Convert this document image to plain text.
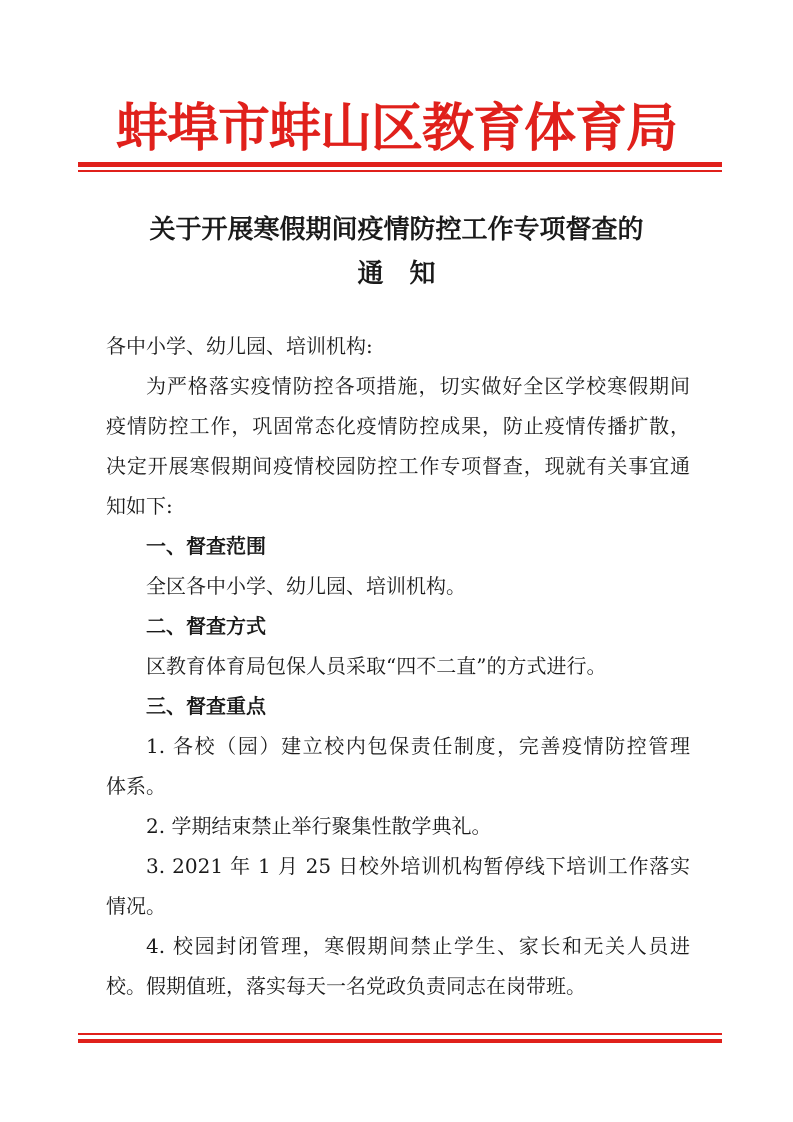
蚌埠市蚌山区教育体育局
关于开展寒假期间疫情防控工作专项督查的
通　知
各中小学、幼儿园、培训机构:
为严格落实疫情防控各项措施，切实做好全区学校寒假期间
疫情防控工作，巩固常态化疫情防控成果，防止疫情传播扩散，
决定开展寒假期间疫情校园防控工作专项督查，现就有关事宜通
知如下:
一、督查范围
全区各中小学、幼儿园、培训机构。
二、督查方式
区教育体育局包保人员采取“四不二直”的方式进行。
三、督查重点
1. 各校（园）建立校内包保责任制度，完善疫情防控管理
体系。
2. 学期结束禁止举行聚集性散学典礼。
3. 2021 年 1 月 25 日校外培训机构暂停线下培训工作落实
情况。
4. 校园封闭管理，寒假期间禁止学生、家长和无关人员进
校。假期值班，落实每天一名党政负责同志在岗带班。
